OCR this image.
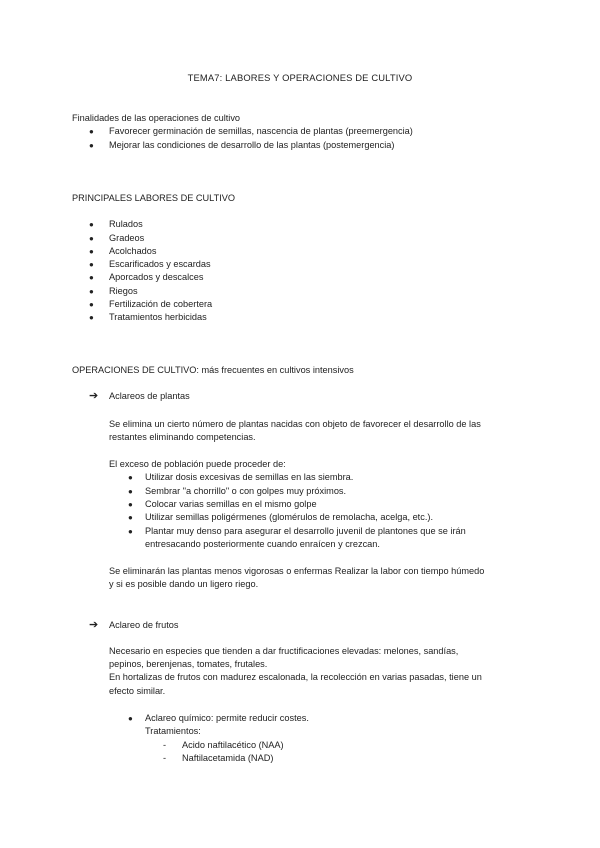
TEMA7: LABORES Y OPERACIONES DE CULTIVO
Finalidades de las operaciones de cultivo
● Favorecer germinación de semillas, nascencia de plantas (preemergencia)
● Mejorar las condiciones de desarrollo de las plantas (postemergencia)
PRINCIPALES LABORES DE CULTIVO
● Rulados
● Gradeos
● Acolchados
● Escarificados y escardas
● Aporcados y descalces
● Riegos
● Fertilización de cobertera
● Tratamientos herbicidas
OPERACIONES DE CULTIVO: más frecuentes en cultivos intensivos
➔ Aclareos de plantas
Se elimina un cierto número de plantas nacidas con objeto de favorecer el desarrollo de las
restantes eliminando competencias.
El exceso de población puede proceder de:
● Utilizar dosis excesivas de semillas en las siembra.
● Sembrar "a chorrillo" o con golpes muy próximos.
● Colocar varias semillas en el mismo golpe
● Utilizar semillas poligérmenes (glomérulos de remolacha, acelga, etc.).
● Plantar muy denso para asegurar el desarrollo juvenil de plantones que se irán
entresacando posteriormente cuando enraícen y crezcan.
Se eliminarán las plantas menos vigorosas o enfermas Realizar la labor con tiempo húmedo
y si es posible dando un ligero riego.
➔ Aclareo de frutos
Necesario en especies que tienden a dar fructificaciones elevadas: melones, sandías,
pepinos, berenjenas, tomates, frutales.
En hortalizas de frutos con madurez escalonada, la recolección en varias pasadas, tiene un
efecto similar.
● Aclareo químico: permite reducir costes.
Tratamientos:
- Acido naftilacético (NAA)
- Naftilacetamida (NAD)
